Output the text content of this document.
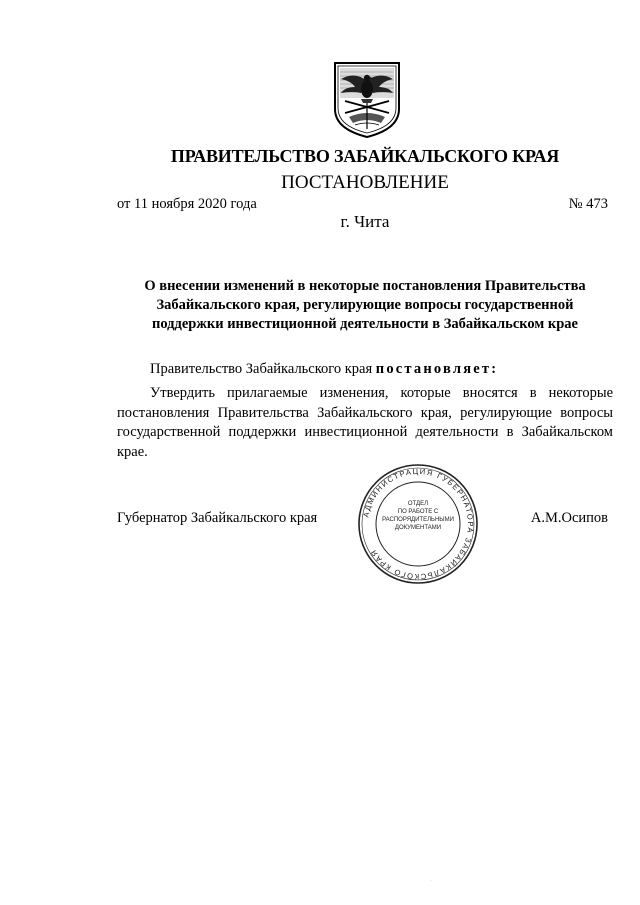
ПРАВИТЕЛЬСТВО ЗАБАЙКАЛЬСКОГО КРАЯ
ПОСТАНОВЛЕНИЕ
от 11 ноября 2020 года	№ 473
г. Чита
О внесении изменений в некоторые постановления Правительства
Забайкальского края, регулирующие вопросы государственной
поддержки инвестиционной деятельности в Забайкальском крае
Правительство Забайкальского края постановляет:
Утвердить прилагаемые изменения, которые вносятся в некоторые
постановления Правительства Забайкальского края, регулирующие вопросы
государственной поддержки инвестиционной деятельности в Забайкальском
крае.
Губернатор Забайкальского края	А.М.Осипов
АДМИНИСТРАЦИЯ ГУБЕРНАТОРА ЗАБАЙКАЛЬСКОГО КРАЯ
ОТДЕЛ
ПО РАБОТЕ С
РАСПОРЯДИТЕЛЬНЫМИ
ДОКУМЕНТАМИ
·
